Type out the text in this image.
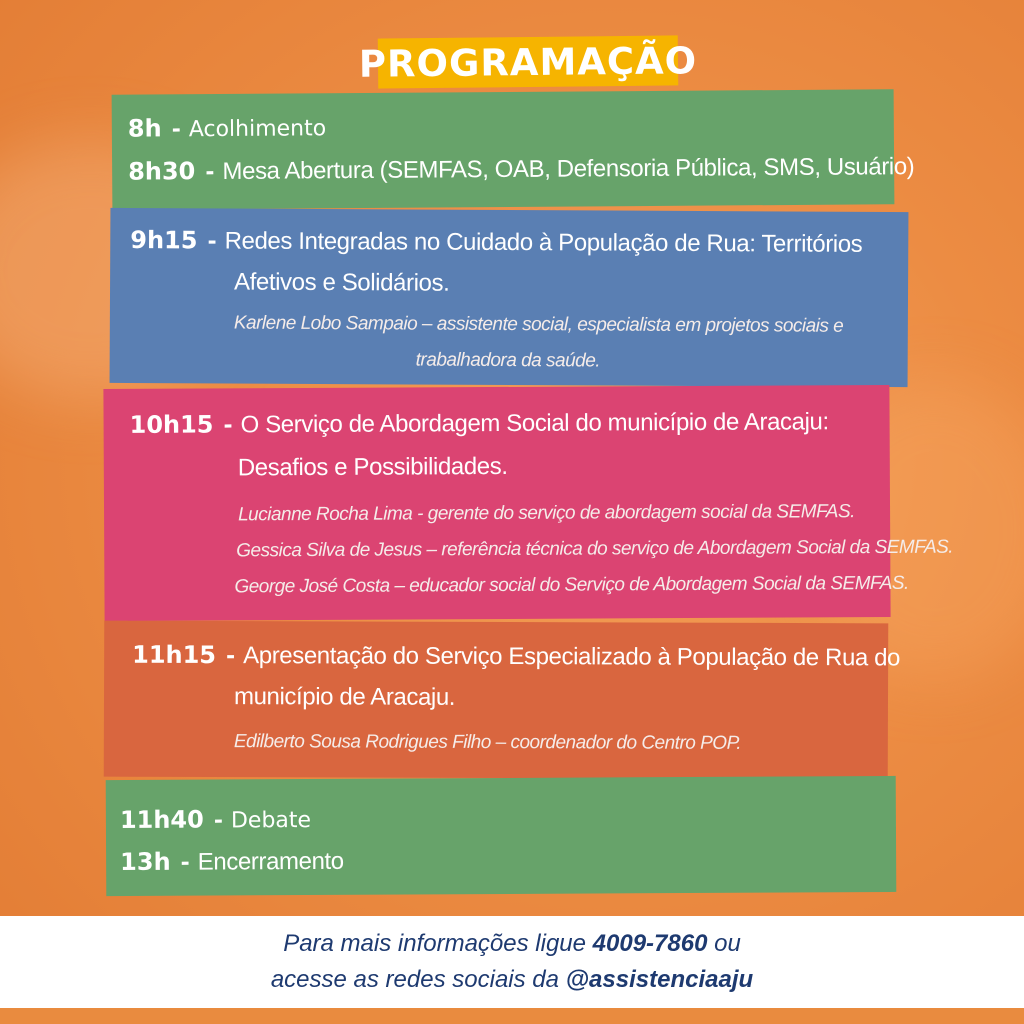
PROGRAMAÇÃO
8h - Acolhimento
8h30 - Mesa Abertura (SEMFAS, OAB, Defensoria Pública, SMS, Usuário)
9h15 - Redes Integradas no Cuidado à População de Rua: Territórios
Afetivos e Solidários.
Karlene Lobo Sampaio – assistente social, especialista em projetos sociais e
trabalhadora da saúde.
10h15 - O Serviço de Abordagem Social do município de Aracaju:
Desafios e Possibilidades.
Lucianne Rocha Lima - gerente do serviço de abordagem social da SEMFAS.
Gessica Silva de Jesus – referência técnica do serviço de Abordagem Social da SEMFAS.
George José Costa – educador social do Serviço de Abordagem Social da SEMFAS.
11h15 - Apresentação do Serviço Especializado à População de Rua do
município de Aracaju.
Edilberto Sousa Rodrigues Filho – coordenador do Centro POP.
11h40 - Debate
13h - Encerramento
Para mais informações ligue 4009-7860 ou
acesse as redes sociais da @assistenciaaju
